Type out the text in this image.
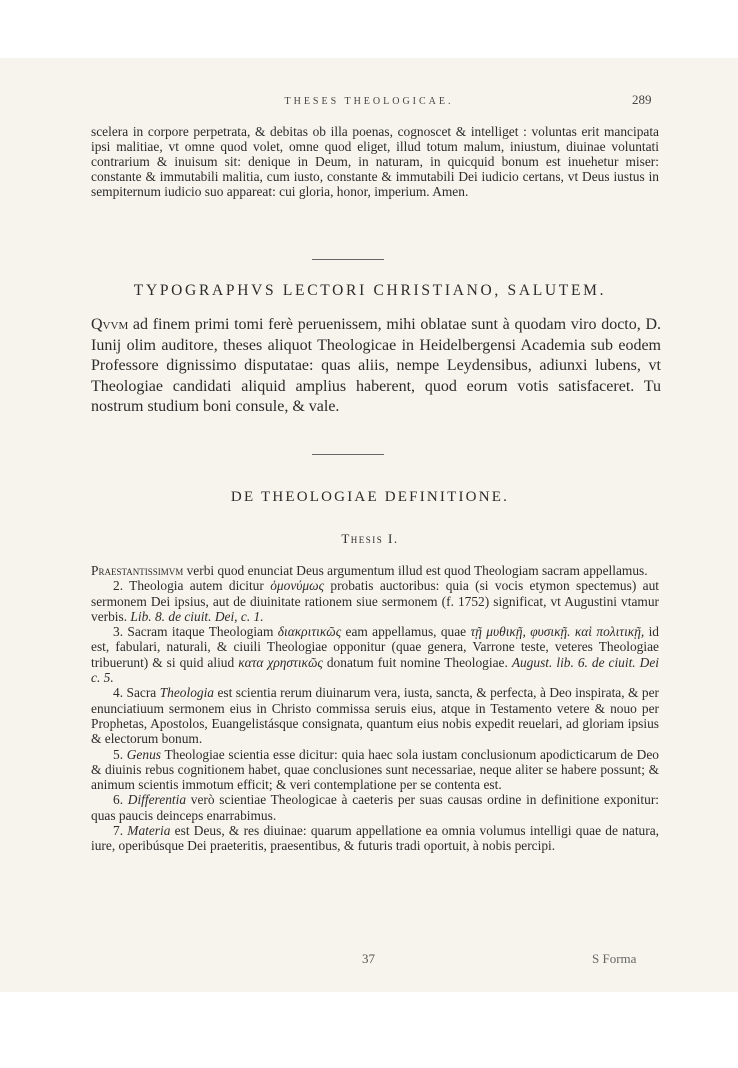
THESES THEOLOGICAE.	289
scelera in corpore perpetrata, & debitas ob illa poenas, cognoscet & intelliget : voluntas erit mancipata ipsi malitiae, vt omne quod volet, omne quod eliget, illud totum malum, iniustum, diuinae voluntati contrarium & inuisum sit: denique in Deum, in naturam, in quicquid bonum est inuehetur miser: constante & immutabili malitia, cum iusto, constante & immutabili Dei iudicio certans, vt Deus iustus in sempiternum iudicio suo appareat: cui gloria, honor, imperium. Amen.
TYPOGRAPHVS LECTORI CHRISTIANO, SALUTEM.
Qvvm ad finem primi tomi ferè peruenissem, mihi oblatae sunt à quodam viro docto, D. Iunij olim auditore, theses aliquot Theologicae in Heidelbergensi Academia sub eodem Professore dignissimo disputatae: quas aliis, nempe Leydensibus, adiunxi lubens, vt Theologiae candidati aliquid amplius haberent, quod eorum votis satisfaceret. Tu nostrum studium boni consule, & vale.
DE THEOLOGIAE DEFINITIONE.
Thesis I.

Praestantissimvm verbi quod enunciat Deus argumentum illud est quod Theologiam sacram appellamus.

2. Theologia autem dicitur ὁμονύμως probatis auctoribus: quia (si vocis etymon spectemus) aut sermonem Dei ipsius, aut de diuinitate rationem siue sermonem (f. 1752) significat, vt Augustini vtamur verbis. Lib. 8. de ciuit. Dei, c. 1.

3. Sacram itaque Theologiam διακριτικῶς eam appellamus, quae τῇ μυθικῇ, φυσικῇ. καὶ πολιτικῇ, id est, fabulari, naturali, & ciuili Theologiae opponitur (quae genera, Varrone teste, veteres Theologiae tribuerunt) & si quid aliud κατα χρηστικῶς donatum fuit nomine Theologiae. August. lib. 6. de ciuit. Dei c. 5.

4. Sacra Theologia est scientia rerum diuinarum vera, iusta, sancta, & perfecta, à Deo inspirata, & per enunciatiuum sermonem eius in Christo commissa seruis eius, atque in Testamento vetere & nouo per Prophetas, Apostolos, Euangelistásque consignata, quantum eius nobis expedit reuelari, ad gloriam ipsius & electorum bonum.

5. Genus Theologiae scientia esse dicitur: quia haec sola iustam conclusionum apodicticarum de Deo & diuinis rebus cognitionem habet, quae conclusiones sunt necessariae, neque aliter se habere possunt; & animum scientis immotum efficit; & veri contemplatione per se contenta est.

6. Differentia verò scientiae Theologicae à caeteris per suas causas ordine in definitione exponitur: quas paucis deinceps enarrabimus.

7. Materia est Deus, & res diuinae: quarum appellatione ea omnia volumus intelligi quae de natura, iure, operibúsque Dei praeteritis, praesentibus, & futuris tradi oportuit, à nobis percipi.

37	S Forma
